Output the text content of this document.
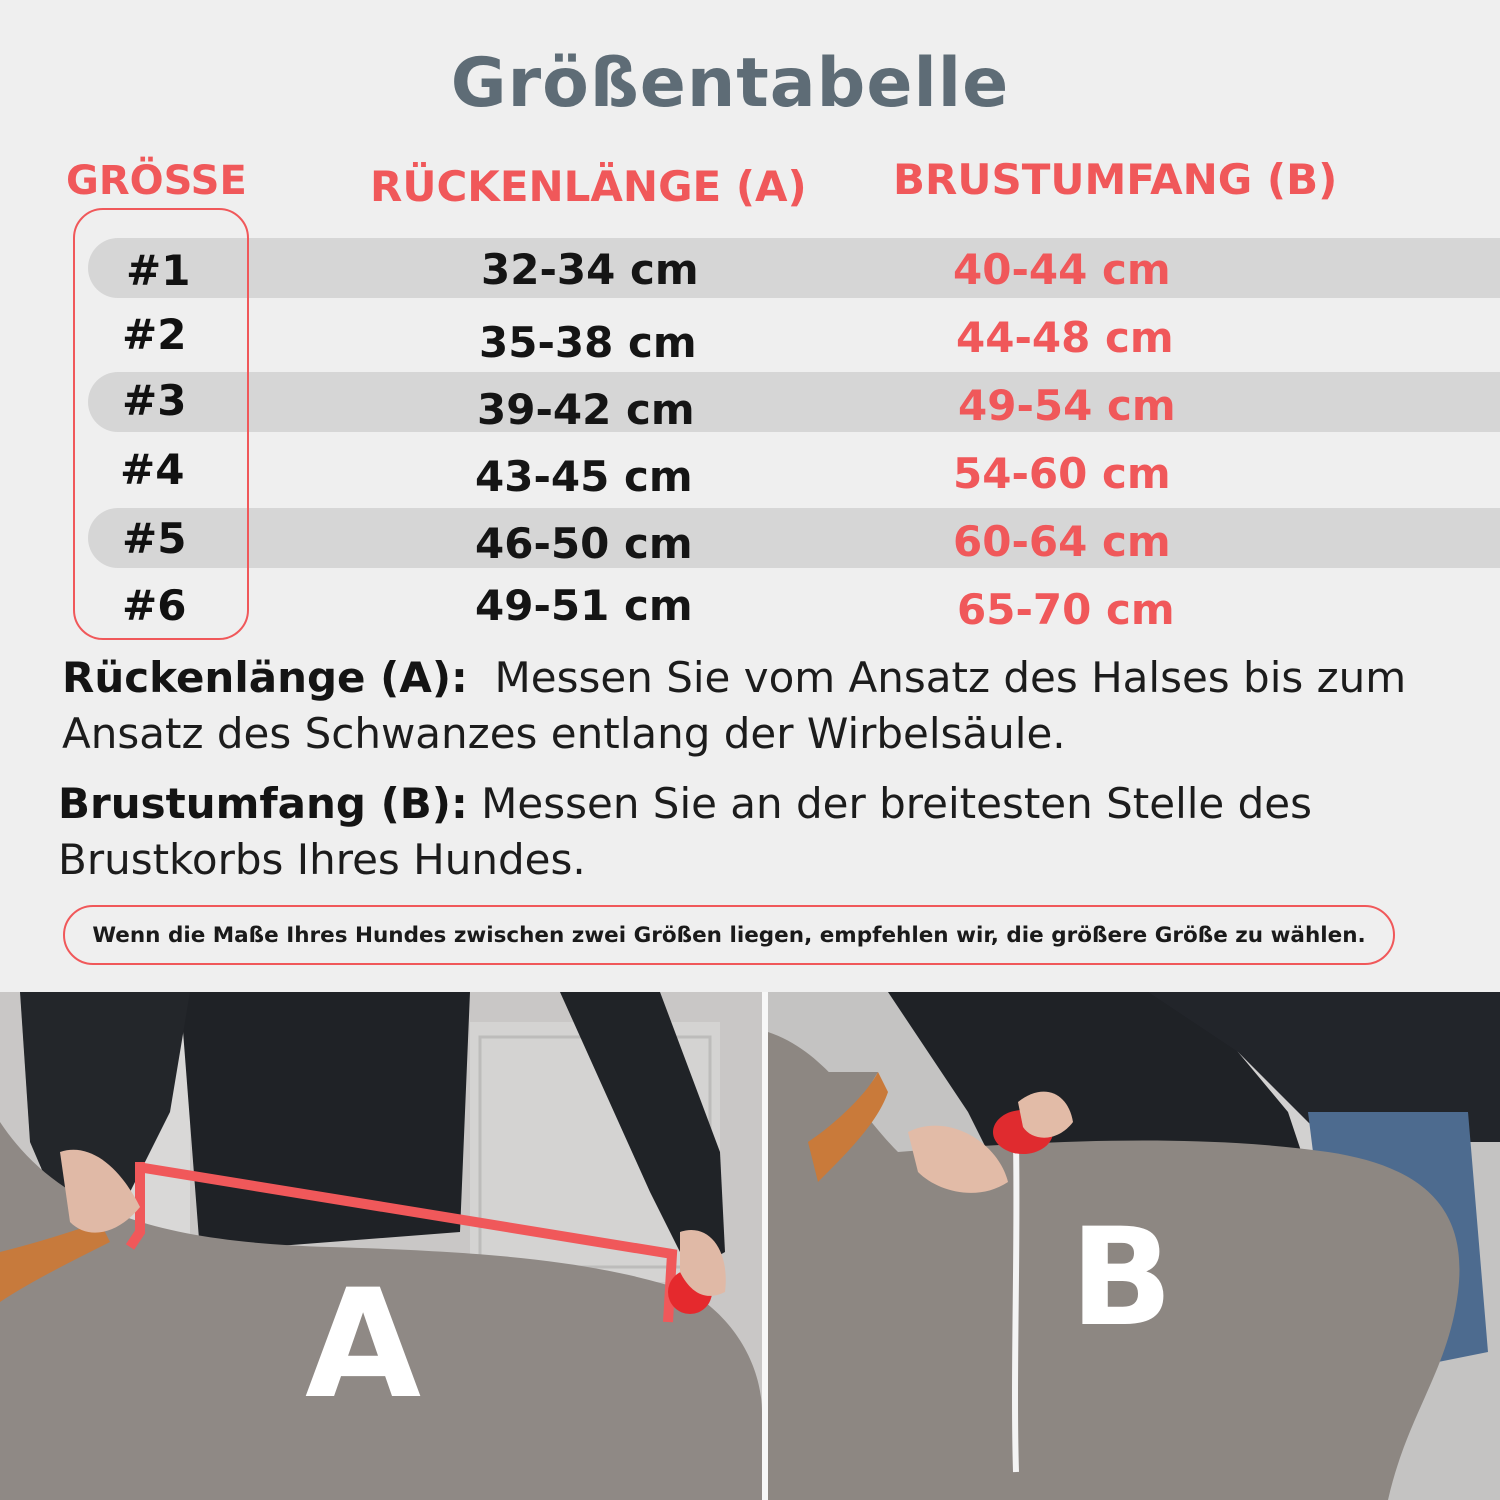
Größentabelle
GRÖSSE	RÜCKENLÄNGE (A) BRUSTUMFANG (B)
#1	32-34 cm	40-44 cm
#2	35-38 cm	44-48 cm
#3	39-42 cm	49-54 cm
#4	43-45 cm	54-60 cm
#5	46-50 cm	60-64 cm
#6	49-51 cm	65-70 cm
Rückenlänge (A): Messen Sie vom Ansatz des Halses bis zum Ansatz des Schwanzes entlang der Wirbelsäule.
Brustumfang (B): Messen Sie an der breitesten Stelle des Brustkorbs Ihres Hundes.
Wenn die Maße Ihres Hundes zwischen zwei Größen liegen, empfehlen wir, die größere Größe zu wählen.
A	B
